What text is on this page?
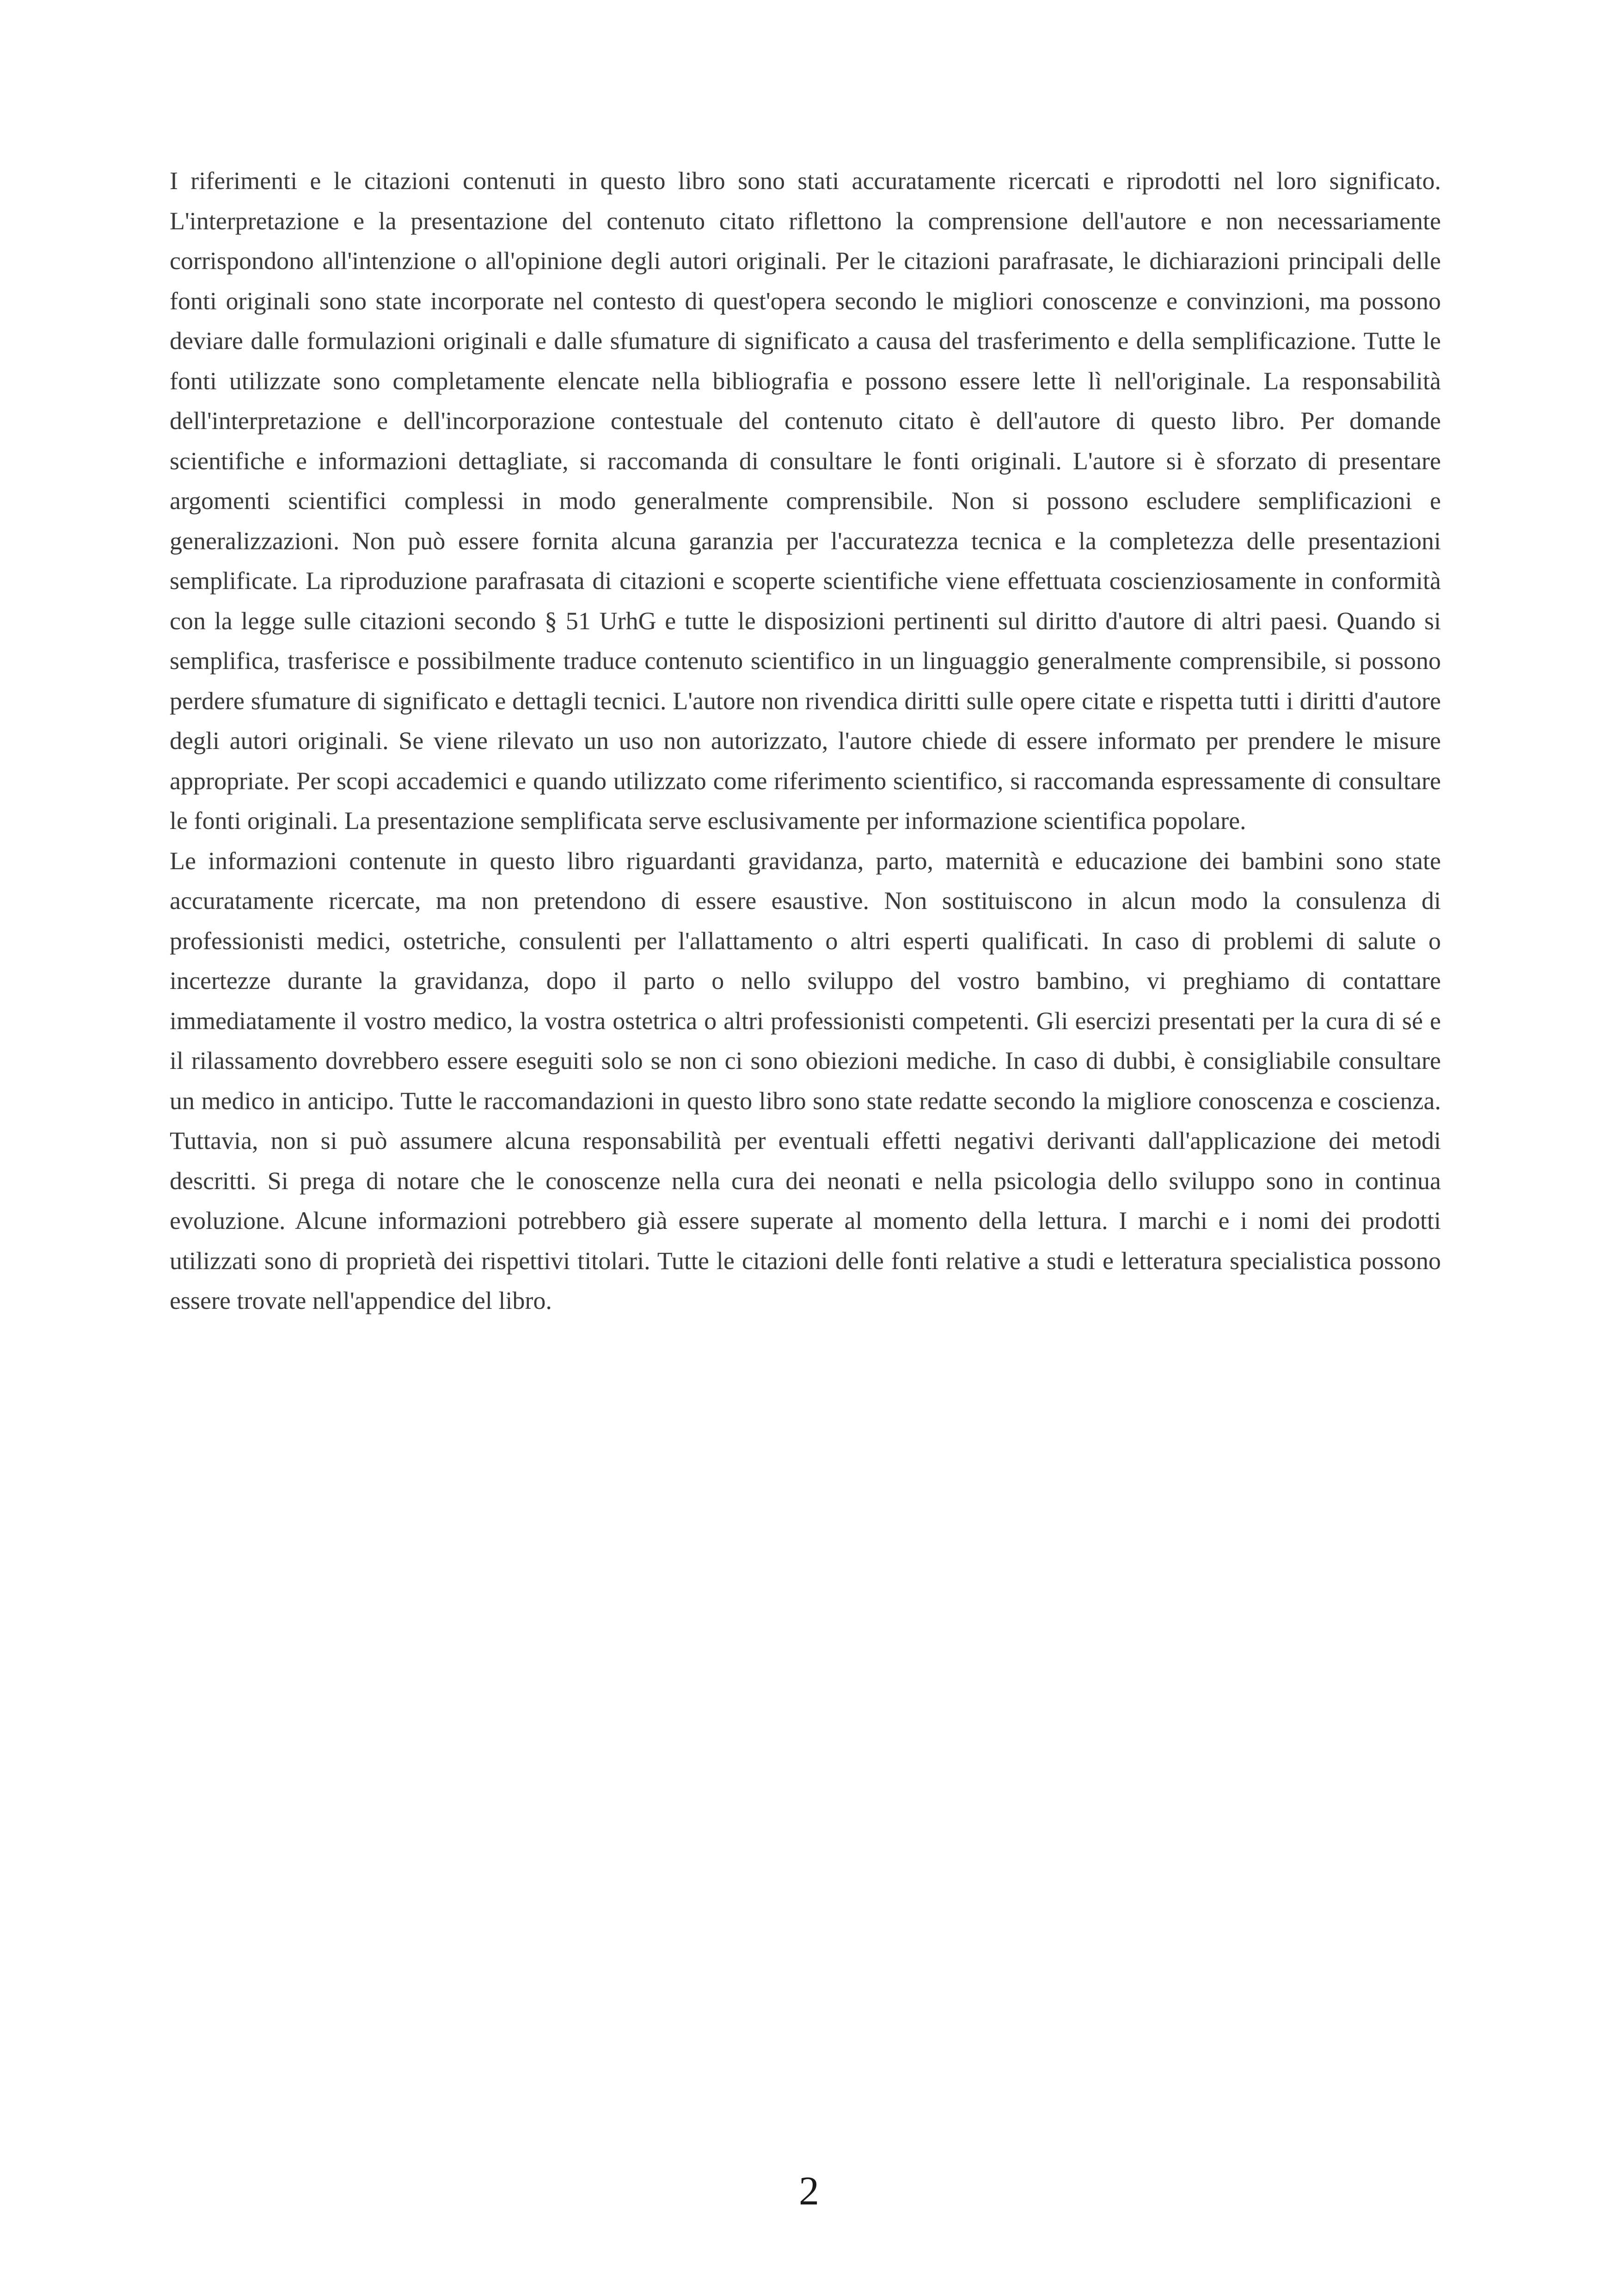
I riferimenti e le citazioni contenuti in questo libro sono stati accuratamente ricercati e riprodotti nel loro significato. L'interpretazione e la presentazione del contenuto citato riflettono la comprensione dell'autore e non necessariamente corrispondono all'intenzione o all'opinione degli autori originali. Per le citazioni parafrasate, le dichiarazioni principali delle fonti originali sono state incorporate nel contesto di quest'opera secondo le migliori conoscenze e convinzioni, ma possono deviare dalle formulazioni originali e dalle sfumature di significato a causa del trasferimento e della semplificazione. Tutte le fonti utilizzate sono completamente elencate nella bibliografia e possono essere lette lì nell'originale. La responsabilità dell'interpretazione e dell'incorporazione contestuale del contenuto citato è dell'autore di questo libro. Per domande scientifiche e informazioni dettagliate, si raccomanda di consultare le fonti originali. L'autore si è sforzato di presentare argomenti scientifici complessi in modo generalmente comprensibile. Non si possono escludere semplificazioni e generalizzazioni. Non può essere fornita alcuna garanzia per l'accuratezza tecnica e la completezza delle presentazioni semplificate. La riproduzione parafrasata di citazioni e scoperte scientifiche viene effettuata coscienziosamente in conformità con la legge sulle citazioni secondo § 51 UrhG e tutte le disposizioni pertinenti sul diritto d'autore di altri paesi. Quando si semplifica, trasferisce e possibilmente traduce contenuto scientifico in un linguaggio generalmente comprensibile, si possono perdere sfumature di significato e dettagli tecnici. L'autore non rivendica diritti sulle opere citate e rispetta tutti i diritti d'autore degli autori originali. Se viene rilevato un uso non autorizzato, l'autore chiede di essere informato per prendere le misure appropriate. Per scopi accademici e quando utilizzato come riferimento scientifico, si raccomanda espressamente di consultare le fonti originali. La presentazione semplificata serve esclusivamente per informazione scientifica popolare.

Le informazioni contenute in questo libro riguardanti gravidanza, parto, maternità e educazione dei bambini sono state accuratamente ricercate, ma non pretendono di essere esaustive. Non sostituiscono in alcun modo la consulenza di professionisti medici, ostetriche, consulenti per l'allattamento o altri esperti qualificati. In caso di problemi di salute o incertezze durante la gravidanza, dopo il parto o nello sviluppo del vostro bambino, vi preghiamo di contattare immediatamente il vostro medico, la vostra ostetrica o altri professionisti competenti. Gli esercizi presentati per la cura di sé e il rilassamento dovrebbero essere eseguiti solo se non ci sono obiezioni mediche. In caso di dubbi, è consigliabile consultare un medico in anticipo. Tutte le raccomandazioni in questo libro sono state redatte secondo la migliore conoscenza e coscienza. Tuttavia, non si può assumere alcuna responsabilità per eventuali effetti negativi derivanti dall'applicazione dei metodi descritti. Si prega di notare che le conoscenze nella cura dei neonati e nella psicologia dello sviluppo sono in continua evoluzione. Alcune informazioni potrebbero già essere superate al momento della lettura. I marchi e i nomi dei prodotti utilizzati sono di proprietà dei rispettivi titolari. Tutte le citazioni delle fonti relative a studi e letteratura specialistica possono essere trovate nell'appendice del libro.

2
